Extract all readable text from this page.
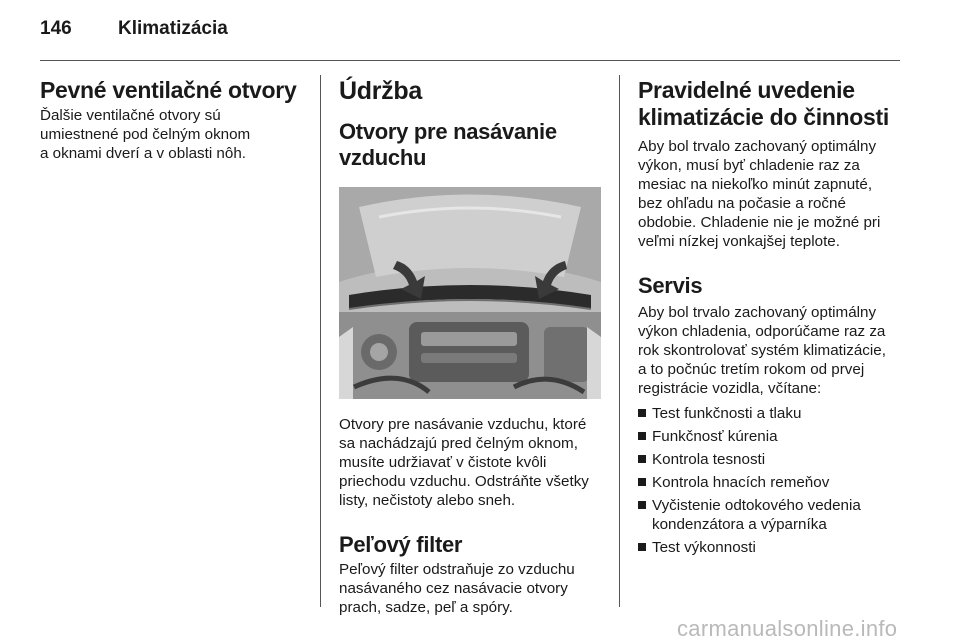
146 Klimatizácia
Pevné ventilačné otvory

Ďalšie ventilačné otvory sú
umiestnené pod čelným oknom
a oknami dverí a v oblasti nôh.

Údržba
Otvory pre nasávanie
vzduchu

Otvory pre nasávanie vzduchu, ktoré
sa nachádzajú pred čelným oknom,
musíte udržiavať v čistote kvôli
priechodu vzduchu. Odstráňte všetky
listy, nečistoty alebo sneh.

Peľový filter

Peľový filter odstraňuje zo vzduchu
nasávaného cez nasávacie otvory
prach, sadze, peľ a spóry.

Pravidelné uvedenie
klimatizácie do činnosti

Aby bol trvalo zachovaný optimálny
výkon, musí byť chladenie raz za
mesiac na niekoľko minút zapnuté,
bez ohľadu na počasie a ročné
obdobie. Chladenie nie je možné pri
veľmi nízkej vonkajšej teplote.

Servis

Aby bol trvalo zachovaný optimálny
výkon chladenia, odporúčame raz za
rok skontrolovať systém klimatizácie,
a to počnúc tretím rokom od prvej
registrácie vozidla, včítane:

Test funkčnosti a tlaku
Funkčnosť kúrenia
Kontrola tesnosti
Kontrola hnacích remeňov
Vyčistenie odtokového vedenia
kondenzátora a výparníka
Test výkonnosti
carmanualsonline.info
